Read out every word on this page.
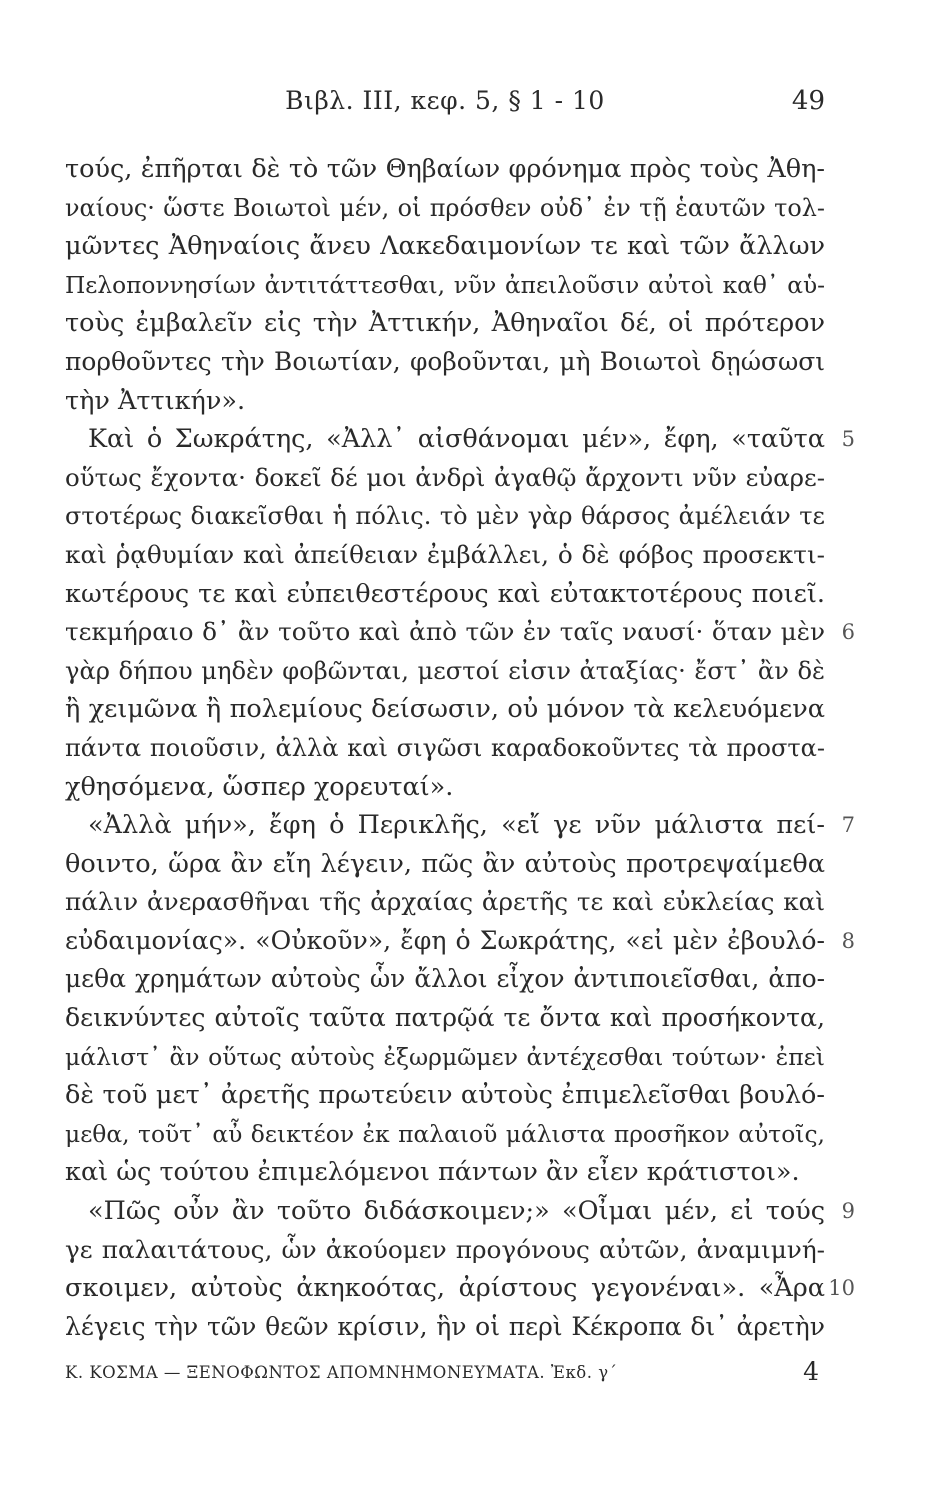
Βιβλ. III, κεφ. 5, § 1 - 10	49
τούς, ἐπῆρται δὲ τὸ τῶν Θηβαίων φρόνημα πρὸς τοὺς Ἀθη-
ναίους· ὥστε Βοιωτοὶ μέν, οἱ πρόσθεν οὐδ᾽ ἐν τῇ ἑαυτῶν τολ-
μῶντες Ἀθηναίοις ἄνευ Λακεδαιμονίων τε καὶ τῶν ἄλλων
Πελοποννησίων ἀντιτάττεσθαι, νῦν ἀπειλοῦσιν αὐτοὶ καθ᾽ αὑ-
τοὺς ἐμβαλεῖν εἰς τὴν Ἀττικήν, Ἀθηναῖοι δέ, οἱ πρότερον
πορθοῦντες τὴν Βοιωτίαν, φοβοῦνται, μὴ Βοιωτοὶ δῃώσωσι
τὴν Ἀττικήν».
Καὶ ὁ Σωκράτης, «Ἀλλ᾽ αἰσθάνομαι μέν», ἔφη, «ταῦτα 5
οὕτως ἔχοντα· δοκεῖ δέ μοι ἀνδρὶ ἀγαθῷ ἄρχοντι νῦν εὐαρε-
στοτέρως διακεῖσθαι ἡ πόλις. τὸ μὲν γὰρ θάρσος ἀμέλειάν τε
καὶ ῥᾳθυμίαν καὶ ἀπείθειαν ἐμβάλλει, ὁ δὲ φόβος προσεκτι-
κωτέρους τε καὶ εὐπειθεστέρους καὶ εὐτακτοτέρους ποιεῖ.
τεκμήραιο δ᾽ ἂν τοῦτο καὶ ἀπὸ τῶν ἐν ταῖς ναυσί· ὅταν μὲν 6
γὰρ δήπου μηδὲν φοβῶνται, μεστοί εἰσιν ἀταξίας· ἔστ᾽ ἂν δὲ
ἢ χειμῶνα ἢ πολεμίους δείσωσιν, οὐ μόνον τὰ κελευόμενα
πάντα ποιοῦσιν, ἀλλὰ καὶ σιγῶσι καραδοκοῦντες τὰ προστα-
χθησόμενα, ὥσπερ χορευταί».
«Ἀλλὰ μήν», ἔφη ὁ Περικλῆς, «εἴ γε νῦν μάλιστα πεί- 7
θοιντο, ὥρα ἂν εἴη λέγειν, πῶς ἂν αὐτοὺς προτρεψαίμεθα
πάλιν ἀνερασθῆναι τῆς ἀρχαίας ἀρετῆς τε καὶ εὐκλείας καὶ
εὐδαιμονίας». «Οὐκοῦν», ἔφη ὁ Σωκράτης, «εἰ μὲν ἐβουλό- 8
μεθα χρημάτων αὐτοὺς ὧν ἄλλοι εἶχον ἀντιποιεῖσθαι, ἀπο-
δεικνύντες αὐτοῖς ταῦτα πατρῷά τε ὄντα καὶ προσήκοντα,
μάλιστ᾽ ἂν οὕτως αὐτοὺς ἐξωρμῶμεν ἀντέχεσθαι τούτων· ἐπεὶ
δὲ τοῦ μετ᾽ ἀρετῆς πρωτεύειν αὐτοὺς ἐπιμελεῖσθαι βουλό-
μεθα, τοῦτ᾽ αὖ δεικτέον ἐκ παλαιοῦ μάλιστα προσῆκον αὐτοῖς,
καὶ ὡς τούτου ἐπιμελόμενοι πάντων ἂν εἶεν κράτιστοι».
«Πῶς οὖν ἂν τοῦτο διδάσκοιμεν;» «Οἶμαι μέν, εἰ τούς 9
γε παλαιτάτους, ὧν ἀκούομεν προγόνους αὐτῶν, ἀναμιμνή-
σκοιμεν, αὐτοὺς ἀκηκοότας, ἀρίστους γεγονέναι». «Ἆρα 10
λέγεις τὴν τῶν θεῶν κρίσιν, ἣν οἱ περὶ Κέκροπα δι᾽ ἀρετὴν
Κ. ΚΟΣΜΑ — ΞΕΝΟΦΩΝΤΟΣ ΑΠΟΜΝΗΜΟΝΕΥΜΑΤΑ. Ἐκδ. γ´	4
